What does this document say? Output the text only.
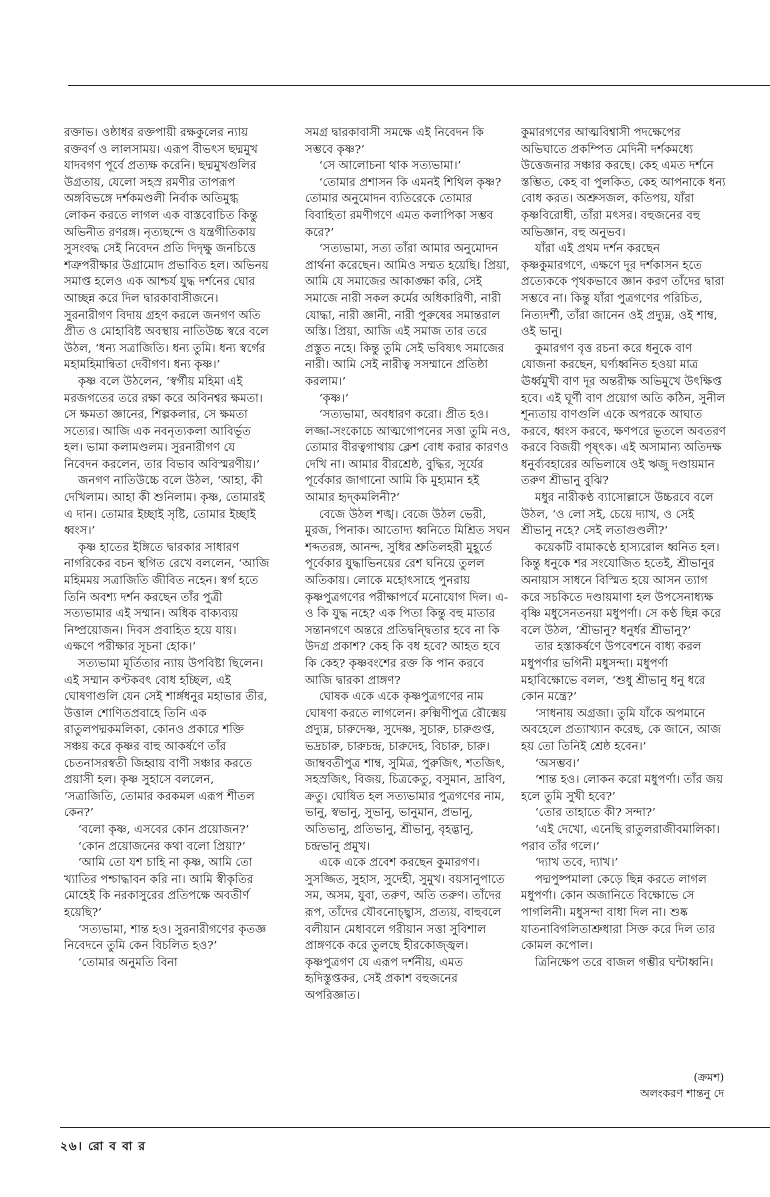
রক্তাভ। ওষ্ঠাধর রক্তপায়ী রক্ষকুলের ন্যায় রক্তবর্ণ ও লালসাময়। এরূপ বীভৎস ছদ্মমুখ যাদবগণ পূর্বে প্রত্যক্ষ করেনি। ছদ্মমুখগুলির উগ্রতায়, যেলো সহস্র রমণীর তাপরূপ অঙ্গবিভঙ্গে দর্শকমণ্ডলী নির্বাক অতিমুগ্ধ লোকন করতে লাগল এক বাস্তবোচিত কিন্তু অভিনীত রণরঙ্গ। নৃত্যছন্দে ও যন্ত্রগীতিকায় সুসংবদ্ধ সেই নিবেদন প্রতি দিদৃক্ষু জনচিত্তে শত্রুপরীক্ষার উগ্রামোদ প্রভাবিত হল। অভিনয় সমাপ্ত হলেও এক আশ্চর্য যুদ্ধ দর্শনের ঘোর আচ্ছন্ন করে দিল দ্বারকাবাসীজনে। সুরনারীগণ বিদায় গ্রহণ করলে জনগণ অতি প্রীত ও মোহাবিষ্ট অবস্থায় নাতিউচ্চ স্বরে বলে উঠল, ‘ধন্য সত্রাজিতি। ধন্য তুমি। ধন্য স্বর্গের মহামহিমান্বিতা দেবীগণ। ধন্য কৃষ্ণ।’

কৃষ্ণ বলে উঠলেন, ‘স্বর্গীয় মহিমা এই মরজগতের তরে রক্ষা করে অবিনশ্বর ক্ষমতা। সে ক্ষমতা জ্ঞানের, শিল্পকলার, সে ক্ষমতা সত্যের। আজি এক নবনৃত্যকলা আবির্ভূত হল। ভামা কলামণ্ডলম। সুরনারীগণ যে নিবেদন করলেন, তার বিভাব অবিস্মরণীয়।’

জনগণ নাতিউচ্চে বলে উঠল, ‘আহা, কী দেখিলাম। আহা কী শুনিলাম। কৃষ্ণ, তোমারই এ দান। তোমার ইচ্ছাই সৃষ্টি, তোমার ইচ্ছাই ধ্বংস।’

কৃষ্ণ হাতের ইঙ্গিতে দ্বারকার সাধারণ নাগরিকের বচন স্থগিত রেখে বললেন, ‘আজি মহিমময় সত্রাজিতি জীবিত নহেন। স্বর্গ হতে তিনি অবশ্য দর্শন করছেন তাঁর পুত্রী সত্যভামার এই সম্মান। অধিক বাক্যব্যয় নিষ্প্রয়োজন। দিবস প্রবাহিত হয়ে যায়। এক্ষণে পরীক্ষার সূচনা হোক।’

সত্যভামা মূর্তিতার ন্যায় উপবিষ্টা ছিলেন। এই সম্মান কণ্টকবৎ বোধ হচ্ছিল, এই ঘোষণাগুলি যেন সেই শার্ঙ্গধনুর মহাভার তীর, উত্তাল শোণিতপ্রবাহে তিনি এক রাতুলপদ্মকমলিকা, কোনও প্রকারে শক্তি সঞ্চয় করে কৃষ্ণর বাহু আকর্ষণে তাঁর চেতনাসরস্বতী জিহ্বায় বাণী সঞ্চার করতে প্রয়াসী হল। কৃষ্ণ সুহাসে বললেন, ‘সত্রাজিতি, তোমার করকমল এরূপ শীতল কেন?’

‘বলো কৃষ্ণ, এসবের কোন প্রয়োজন?’

‘কোন প্রয়োজনের কথা বলো প্রিয়া?’

‘আমি তো যশ চাহি না কৃষ্ণ, আমি তো খ্যাতির পশ্চাদ্ধাবন করি না। আমি স্বীকৃতির মোহেই কি নরকাসুরের প্রতিপক্ষে অবতীর্ণ হয়েছি?’

‘সত্যভামা, শান্ত হও। সুরনারীগণের কৃতজ্ঞ নিবেদনে তুমি কেন বিচলিত হও?’

‘তোমার অনুমতি বিনা

সমগ্র দ্বারকাবাসী সমক্ষে এই নিবেদন কি সম্ভবে কৃষ্ণ?’

‘সে আলোচনা থাক সত্যভামা।’

‘তোমার প্রশাসন কি এমনই শিথিল কৃষ্ণ? তোমার অনুমোদন ব্যতিরেকে তোমার বিবাহিতা রমণীগণে এমত কলাপিকা সম্ভব করে?’

‘সত্যভামা, সত্য তাঁরা আমার অনুমোদন প্রার্থনা করেছেন। আমিও সম্মত হয়েছি। প্রিয়া, আমি যে সমাজের আকাঙ্ক্ষা করি, সেই সমাজে নারী সকল কর্মের অধিকারিণী, নারী যোদ্ধা, নারী জ্ঞানী, নারী পুরুষের সমান্তরাল অস্তি। প্রিয়া, আজি এই সমাজ তার তরে প্রস্তুত নহে। কিন্তু তুমি সেই ভবিষ্যৎ সমাজের নারী। আমি সেই নারীত্ব সসম্মানে প্রতিষ্ঠা করলাম।’

‘কৃষ্ণ।’

‘সত্যভামা, অবধারণ করো। প্রীত হও। লজ্জা-সংকোচে আত্মগোপনের সত্তা তুমি নও, তোমার বীরত্বগাথায় ক্লেশ বোধ করার কারণও দেখি না। আমার বীরশ্রেষ্ঠ, বুদ্ধির, সূর্যের পূর্বেকার জাগানো আমি কি মুহ্যমান হই আমার হৃদ্কমলিনী?’

বেজে উঠল শঙ্খ। বেজে উঠল ভেরী, মুরজ, পিনাক। আতোদ্য ধ্বনিতে মিশ্রিত সঘন শব্দতরঙ্গ, আনন্দ, সুধির শ্রুতিলহরী মুহূর্তে পূর্বেকার যুদ্ধাভিনয়ের রেশ ঘনিয়ে তুলল অতিকায়। লোকে মহোৎসাহে পুনরায় কৃষ্ণপুত্রগণের পরীক্ষাপর্বে মনোযোগ দিল। এ-ও কি যুদ্ধ নহে? এক পিতা কিন্তু বহু মাতার সন্তানগণে অন্তরে প্রতিদ্বন্দ্বিতার হবে না কি উদগ্র প্রকাশ? কেহ কি বধ হবে? আহত হবে কি কেহ? কৃষ্ণবংশের রক্ত কি পান করবে আজি দ্বারকা প্রাঙ্গণ?

ঘোষক একে একে কৃষ্ণপুত্রগণের নাম ঘোষণা করতে লাগলেন। রুক্মিণীপুত্র রৌক্মেয় প্রদ্যুম্ন, চারুদেষ্ণ, সুদেষ্ণ, সুচারু, চারুগুপ্ত, ভদ্রচারু, চারুচন্দ্র, চারুদেহ, বিচারু, চারু। জাম্ববতীপুত্র শাম্ব, সুমিত্র, পুরুজিৎ, শতজিৎ, সহস্রজিৎ, বিজয়, চিত্রকেতু, বসুমান, দ্রাবিণ, ক্রতু। ঘোষিত হল সত্যভামার পুত্রগণের নাম, ভানু, স্বভানু, সুভানু, ভানুমান, প্রভানু, অতিভানু, প্রতিভানু, শ্রীভানু, বৃহদ্ভানু, চন্দ্রভানু প্রমুখ।

একে একে প্রবেশ করছেন কুমারগণ। সুসজ্জিত, সুহাস, সুদেহী, সুমুখ। বয়সানুপাতে সম, অসম, যুবা, তরুণ, অতি তরুণ। তাঁদের রূপ, তাঁদের যৌবনোচ্ছ্বাস, প্রত্যয়, বাহুবলে বলীয়ান মেধাবলে গরীয়ান সত্তা সুবিশাল প্রাঙ্গণকে করে তুলছে হীরকোজ্জ্বল। কৃষ্ণপুত্রগণ যে এরূপ দর্শনীয়, এমত হৃদিস্তুপ্তকর, সেই প্রকাশ বহুজনের অপরিজ্ঞাত।

কুমারগণের আত্মবিশ্বাসী পদক্ষেপের অভিঘাতে প্রকম্পিত মেদিনী দর্শকমধ্যে উত্তেজনার সঞ্চার করছে। কেহ এমত দর্শনে স্তম্ভিত, কেহ বা পুলকিত, কেহ আপনাকে ধন্য বোধ করত। অশ্রুসজল, কতিপয়, যাঁরা কৃষ্ণবিরোধী, তাঁরা মৎসর। বহুজনের বহু অভিজ্ঞান, বহু অনুভব।

যাঁরা এই প্রথম দর্শন করছেন কৃষ্ণকুমারগণে, এক্ষণে দূর দর্শকাসন হতে প্রত্যেককে পৃথকভাবে জ্ঞান করণ তাঁদের দ্বারা সম্ভবে না। কিন্তু যাঁরা পুত্রগণের পরিচিত, নিত্যদর্শী, তাঁরা জানেন ওই প্রদ্যুম্ন, ওই শাম্ব, ওই ভানু।

কুমারগণ বৃত্ত রচনা করে ধনুকে বাণ যোজনা করছেন, ঘর্ণ্যধ্বনিত হওয়া মাত্র ঊর্ধ্বমুখী বাণ দূর অন্তরীক্ষ অভিমুখে উৎক্ষিপ্ত হবে। এই ঘূর্ণী বাণ প্রয়োগ অতি কঠিন, সুনীল শূন্যতায় বাণগুলি একে অপরকে আঘাত করবে, ধ্বংস করবে, ক্ষণপরে ভূতলে অবতরণ করবে বিজয়ী পৃষ্ৎক। এই অসামান্য অতিদক্ষ ধনুর্ব্যবহারের অভিলাষে ওই ঋজু দণ্ডায়মান তরুণ শ্রীভানু বুঝি?

মধুর নারীকণ্ঠ ব্যাসোল্লাসে উচ্চরবে বলে উঠল, ‘ও লো সই, চেয়ে দ্যাখ, ও সেই শ্রীভানু নহে? সেই লতাগুণ্ডলী?’

কয়েকটি বামাকণ্ঠে হাস্যরোল ধ্বনিত হল। কিন্তু ধনুকে শর সংযোজিত হতেই, শ্রীভানুর অনায়াস সাধনে বিস্মিত হয়ে আসন ত্যাগ করে সচকিতে দণ্ডায়মাণা হল উপসেনাধ্যক্ষ বৃষ্ণি মধুসেনতনয়া মধুপর্ণা। সে কণ্ঠ ছিন্ন করে বলে উঠল, ‘শ্রীভানু? ধনুর্ধর শ্রীভানু?’

তার হস্তাকর্ষণে উপবেশনে বাধ্য করল মধুপর্ণার ভগিনী মধুসন্দা। মধুপর্ণা মহাবিক্ষোভে বলল, ‘শুধু শ্রীভানু ধনু ধরে কোন মন্ত্রে?’

‘সাধনায় অগ্রজা। তুমি যাঁকে অপমানে অবহেলে প্রত্যাখ্যান করেছ, কে জানে, আজ হয় তো তিনিই শ্রেষ্ঠ হবেন।’

‘অসম্ভব।’

‘শান্ত হও। লোকন করো মধুপর্ণা। তাঁর জয় হলে তুমি সুখী হবে?’

‘তোর তাহাতে কী? সন্দা?’

‘এই দেখো, এনেছি রাতুলরাজীবমালিকা। পরাব তাঁর গলে।’

‘দ্যাখ তবে, দ্যাখ।’

পদ্মপুষ্পমালা কেড়ে ছিন্ন করতে লাগল মধুপর্ণা। কোন অজানিতে বিক্ষোভে সে পাগলিনী। মধুসন্দা বাধা দিল না। শুষ্ক যাতনাবিগলিতাশ্রুধারা সিক্ত করে দিল তার কোমল কপোল।

ত্রিনিক্ষেপ তরে বাজল গম্ভীর ঘন্টাধ্বনি।

(ক্রমশ)
অলংকরণ শান্তনু দে
২৬। রো ব বা র
